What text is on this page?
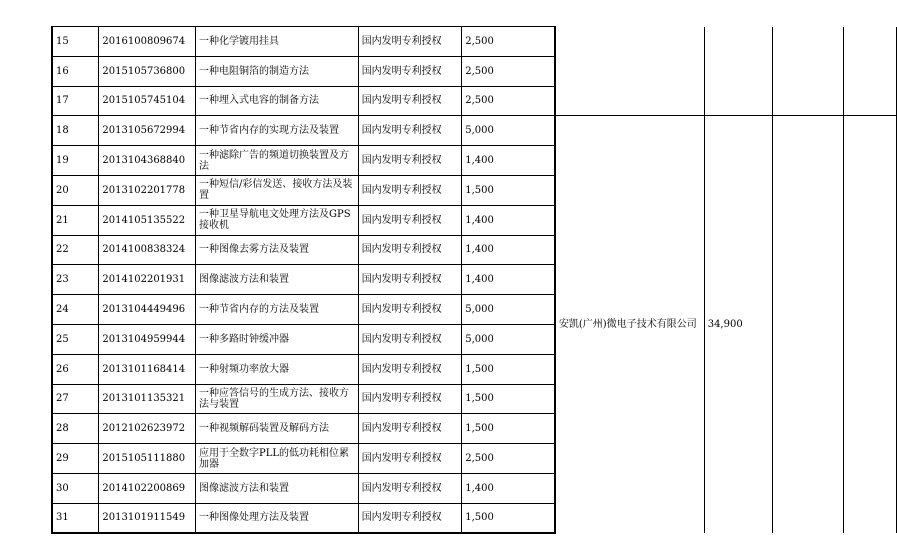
15	2016100809674	一种化学镀用挂具	国内发明专利授权	2,500				
16	2015105736800	一种电阻铜箔的制造方法	国内发明专利授权	2,500				
17	2015105745104	一种埋入式电容的制备方法	国内发明专利授权	2,500				
18	2013105672994	一种节省内存的实现方法及装置	国内发明专利授权	5,000	安凯(广州)微电子技术有限公司	34,900		
19	2013104368840	一种滤除广告的频道切换装置及方法	国内发明专利授权	1,400				
20	2013102201778	一种短信/彩信发送、接收方法及装置	国内发明专利授权	1,500				
21	2014105135522	一种卫星导航电文处理方法及GPS接收机	国内发明专利授权	1,400				
22	2014100838324	一种图像去雾方法及装置	国内发明专利授权	1,400				
23	2014102201931	图像滤波方法和装置	国内发明专利授权	1,400				
24	2013104449496	一种节省内存的方法及装置	国内发明专利授权	5,000				
25	2013104959944	一种多路时钟缓冲器	国内发明专利授权	5,000				
26	2013101168414	一种射频功率放大器	国内发明专利授权	1,500				
27	2013101135321	一种应答信号的生成方法、接收方法与装置	国内发明专利授权	1,500				
28	2012102623972	一种视频解码装置及解码方法	国内发明专利授权	1,500				
29	2015105111880	应用于全数字PLL的低功耗相位累加器	国内发明专利授权	2,500				
30	2014102200869	图像滤波方法和装置	国内发明专利授权	1,400				
31	2013101911549	一种图像处理方法及装置	国内发明专利授权	1,500				
